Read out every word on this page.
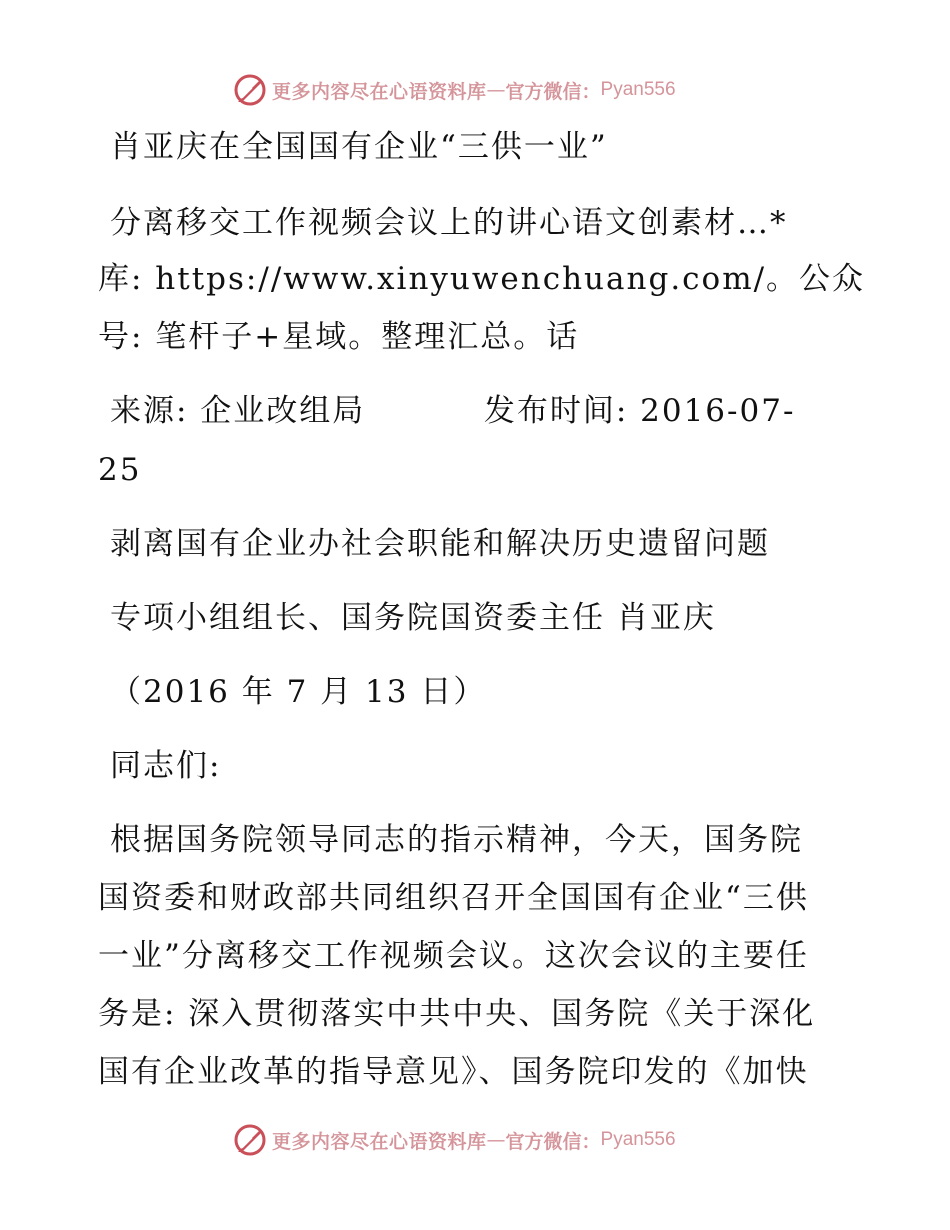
更多内容尽在心语资料库 — 官方微信： Pyan556
肖亚庆在全国国有企业“三供一业”
分离移交工作视频会议上的讲心语文创素材…*
库: https://www.xinyuwenchuang.com/。公众
号: 笔杆子+星域。整理汇总。话
来源: 企业改组局          发布时间: 2016-07-
25
剥离国有企业办社会职能和解决历史遗留问题
专项小组组长、国务院国资委主任 肖亚庆
（2016 年 7 月 13 日）
同志们:
根据国务院领导同志的指示精神，今天，国务院
国资委和财政部共同组织召开全国国有企业“三供
一业”分离移交工作视频会议。这次会议的主要任
务是: 深入贯彻落实中共中央、国务院《关于深化
国有企业改革的指导意见》、国务院印发的《加快
更多内容尽在心语资料库 — 官方微信： Pyan556
